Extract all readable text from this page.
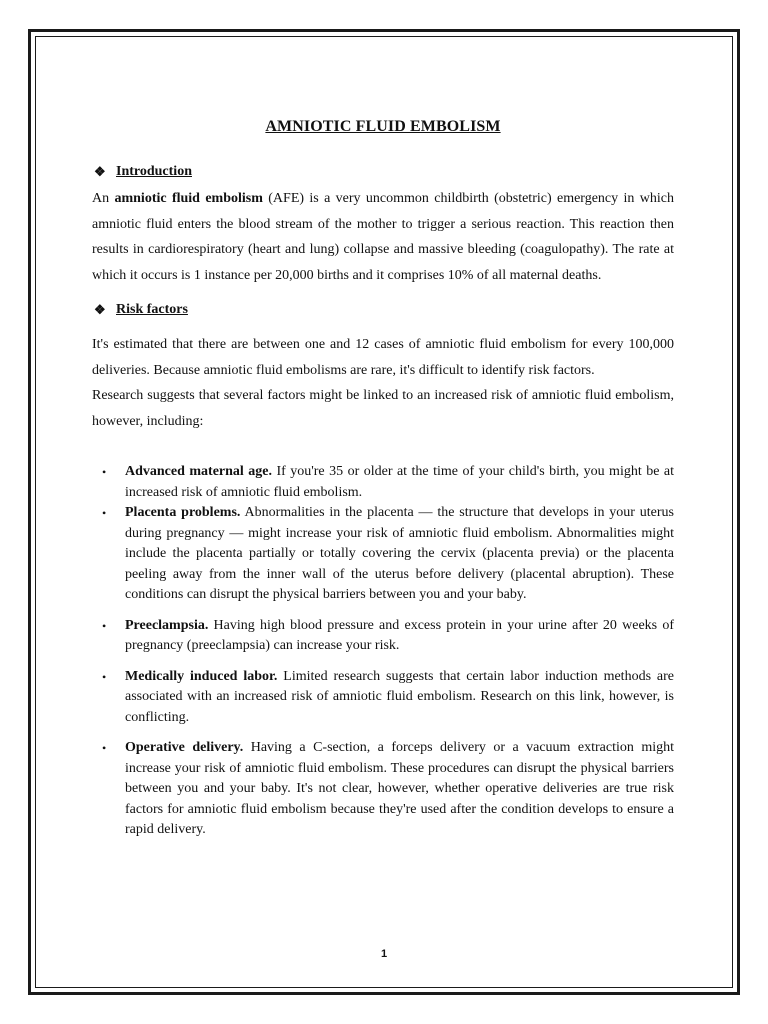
AMNIOTIC FLUID EMBOLISM
❖ Introduction

An amniotic fluid embolism (AFE) is a very uncommon childbirth (obstetric) emergency in which amniotic fluid enters the blood stream of the mother to trigger a serious reaction. This reaction then results in cardiorespiratory (heart and lung) collapse and massive bleeding (coagulopathy). The rate at which it occurs is 1 instance per 20,000 births and it comprises 10% of all maternal deaths.

❖ Risk factors

It's estimated that there are between one and 12 cases of amniotic fluid embolism for every 100,000 deliveries. Because amniotic fluid embolisms are rare, it's difficult to identify risk factors.

Research suggests that several factors might be linked to an increased risk of amniotic fluid embolism, however, including:

• Advanced maternal age. If you're 35 or older at the time of your child's birth, you might be at increased risk of amniotic fluid embolism.
• Placenta problems. Abnormalities in the placenta — the structure that develops in your uterus during pregnancy — might increase your risk of amniotic fluid embolism. Abnormalities might include the placenta partially or totally covering the cervix (placenta previa) or the placenta peeling away from the inner wall of the uterus before delivery (placental abruption). These conditions can disrupt the physical barriers between you and your baby.
• Preeclampsia. Having high blood pressure and excess protein in your urine after 20 weeks of pregnancy (preeclampsia) can increase your risk.
• Medically induced labor. Limited research suggests that certain labor induction methods are associated with an increased risk of amniotic fluid embolism. Research on this link, however, is conflicting.
• Operative delivery. Having a C-section, a forceps delivery or a vacuum extraction might increase your risk of amniotic fluid embolism. These procedures can disrupt the physical barriers between you and your baby. It's not clear, however, whether operative deliveries are true risk factors for amniotic fluid embolism because they're used after the condition develops to ensure a rapid delivery.
1
